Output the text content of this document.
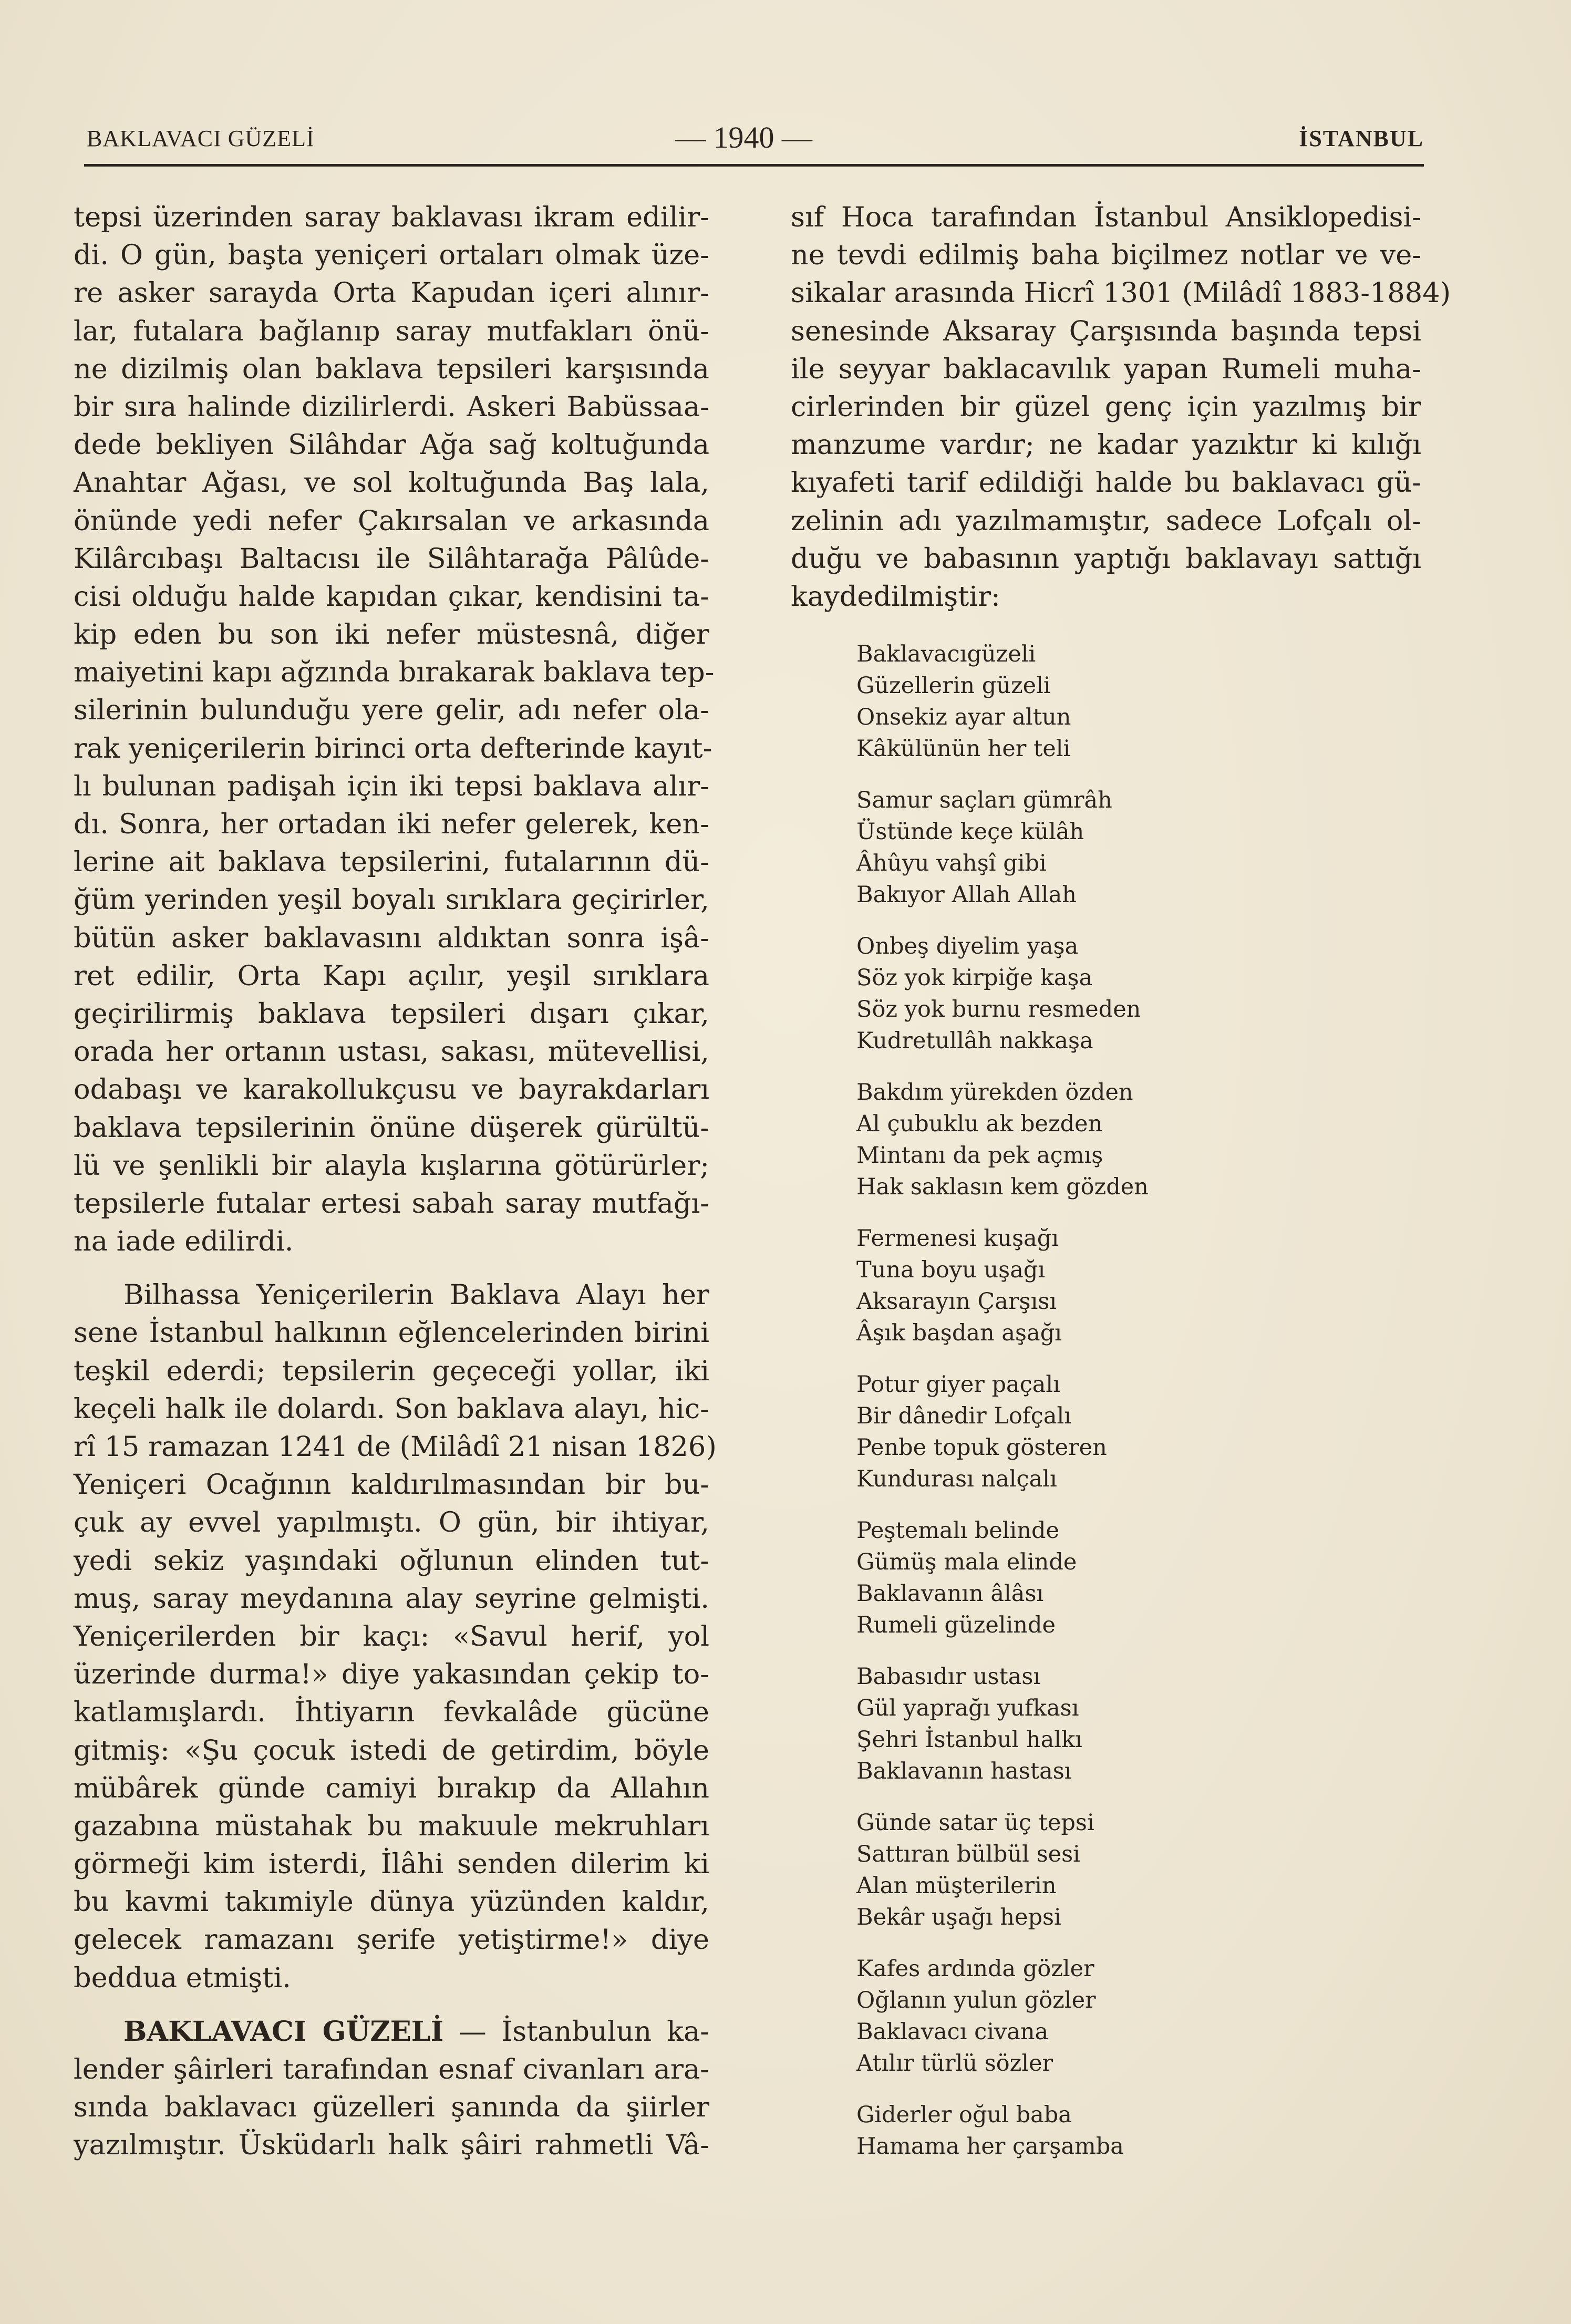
BAKLAVACI GÜZELİ	— 1940 —	İSTANBUL
tepsi üzerinden saray baklavası ikram edilir-
di. O gün, başta yeniçeri ortaları olmak üze-
re asker sarayda Orta Kapudan içeri alınır-
lar, futalara bağlanıp saray mutfakları önü-
ne dizilmiş olan baklava tepsileri karşısında
bir sıra halinde dizilirlerdi. Askeri Babüssaa-
dede bekliyen Silâhdar Ağa sağ koltuğunda
Anahtar Ağası, ve sol koltuğunda Baş lala,
önünde yedi nefer Çakırsalan ve arkasında
Kilârcıbaşı Baltacısı ile Silâhtarağa Pâlûde-
cisi olduğu halde kapıdan çıkar, kendisini ta-
kip eden bu son iki nefer müstesnâ, diğer
maiyetini kapı ağzında bırakarak baklava tep-
silerinin bulunduğu yere gelir, adı nefer ola-
rak yeniçerilerin birinci orta defterinde kayıt-
lı bulunan padişah için iki tepsi baklava alır-
dı. Sonra, her ortadan iki nefer gelerek, ken-
lerine ait baklava tepsilerini, futalarının dü-
ğüm yerinden yeşil boyalı sırıklara geçirirler,
bütün asker baklavasını aldıktan sonra işâ-
ret edilir, Orta Kapı açılır, yeşil sırıklara
geçirilirmiş baklava tepsileri dışarı çıkar,
orada her ortanın ustası, sakası, mütevellisi,
odabaşı ve karakollukçusu ve bayrakdarları
baklava tepsilerinin önüne düşerek gürültü-
lü ve şenlikli bir alayla kışlarına götürürler;
tepsilerle futalar ertesi sabah saray mutfağı-
na iade edilirdi.
Bilhassa Yeniçerilerin Baklava Alayı her
sene İstanbul halkının eğlencelerinden birini
teşkil ederdi; tepsilerin geçeceği yollar, iki
keçeli halk ile dolardı. Son baklava alayı, hic-
rî 15 ramazan 1241 de (Milâdî 21 nisan 1826)
Yeniçeri Ocağının kaldırılmasından bir bu-
çuk ay evvel yapılmıştı. O gün, bir ihtiyar,
yedi sekiz yaşındaki oğlunun elinden tut-
muş, saray meydanına alay seyrine gelmişti.
Yeniçerilerden bir kaçı: «Savul herif, yol
üzerinde durma!» diye yakasından çekip to-
katlamışlardı. İhtiyarın fevkalâde gücüne
gitmiş: «Şu çocuk istedi de getirdim, böyle
mübârek günde camiyi bırakıp da Allahın
gazabına müstahak bu makuule mekruhları
görmeği kim isterdi, İlâhi senden dilerim ki
bu kavmi takımiyle dünya yüzünden kaldır,
gelecek ramazanı şerife yetiştirme!» diye
beddua etmişti.
BAKLAVACI GÜZELİ — İstanbulun ka-
lender şâirleri tarafından esnaf civanları ara-
sında baklavacı güzelleri şanında da şiirler
yazılmıştır. Üsküdarlı halk şâiri rahmetli Vâ-
sıf Hoca tarafından İstanbul Ansiklopedisi-
ne tevdi edilmiş baha biçilmez notlar ve ve-
sikalar arasında Hicrî 1301 (Milâdî 1883-1884)
senesinde Aksaray Çarşısında başında tepsi
ile seyyar baklacavılık yapan Rumeli muha-
cirlerinden bir güzel genç için yazılmış bir
manzume vardır; ne kadar yazıktır ki kılığı
kıyafeti tarif edildiği halde bu baklavacı gü-
zelinin adı yazılmamıştır, sadece Lofçalı ol-
duğu ve babasının yaptığı baklavayı sattığı
kaydedilmiştir:
Baklavacıgüzeli
Güzellerin güzeli
Onsekiz ayar altun
Kâkülünün her teli
Samur saçları gümrâh
Üstünde keçe külâh
Âhûyu vahşî gibi
Bakıyor Allah Allah
Onbeş diyelim yaşa
Söz yok kirpiğe kaşa
Söz yok burnu resmeden
Kudretullâh nakkaşa
Bakdım yürekden özden
Al çubuklu ak bezden
Mintanı da pek açmış
Hak saklasın kem gözden
Fermenesi kuşağı
Tuna boyu uşağı
Aksarayın Çarşısı
Âşık başdan aşağı
Potur giyer paçalı
Bir dânedir Lofçalı
Penbe topuk gösteren
Kundurası nalçalı
Peştemalı belinde
Gümüş mala elinde
Baklavanın âlâsı
Rumeli güzelinde
Babasıdır ustası
Gül yaprağı yufkası
Şehri İstanbul halkı
Baklavanın hastası
Günde satar üç tepsi
Sattıran bülbül sesi
Alan müşterilerin
Bekâr uşağı hepsi
Kafes ardında gözler
Oğlanın yulun gözler
Baklavacı civana
Atılır türlü sözler
Giderler oğul baba
Hamama her çarşamba
